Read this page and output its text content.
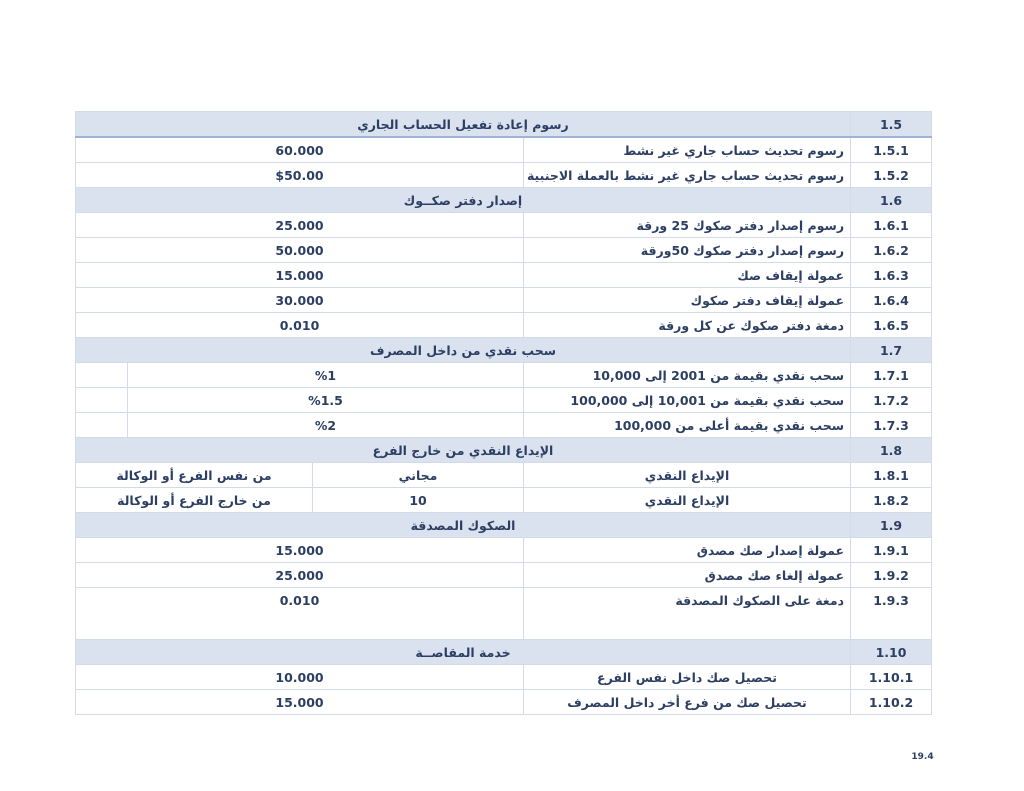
1.5	رسوم إعادة تفعيل الحساب الجاري			
1.5.1	رسوم تحديث حساب جاري غير نشط	60.000		
1.5.2	رسوم تحديث حساب جاري غير نشط بالعملة الاجنبية	$50.00		
1.6	إصدار دفتر صكــوك			
1.6.1	رسوم إصدار دفتر صكوك 25 ورقة	25.000		
1.6.2	رسوم إصدار دفتر صكوك 50ورقة	50.000		
1.6.3	عمولة إيقاف صك	15.000		
1.6.4	عمولة إيقاف دفتر صكوك	30.000		
1.6.5	دمغة دفتر صكوك عن كل ورقة	0.010		
1.7	سحب نقدي من داخل المصرف			
1.7.1	سحب نقدي بقيمة من 2001 إلى 10,000	%1		
1.7.2	سحب نقدي بقيمة من 10,001 إلى 100,000	%1.5		
1.7.3	سحب نقدي بقيمة أعلى من 100,000	%2		
1.8	الإيداع النقدي من خارج الفرع			
1.8.1	الإيداع النقدي	مجاني	من نفس الفرع أو الوكالة	
1.8.2	الإيداع النقدي	10	من خارج الفرع أو الوكالة	
1.9	الصكوك المصدقة			
1.9.1	عمولة إصدار صك مصدق	15.000		
1.9.2	عمولة إلغاء صك مصدق	25.000		
1.9.3	دمغة على الصكوك المصدقة	0.010		
1.10	خدمة المقاصــة			
1.10.1	تحصيل صك داخل نفس الفرع	10.000		
1.10.2	تحصيل صك من فرع أخر داخل المصرف	15.000		
19.4
